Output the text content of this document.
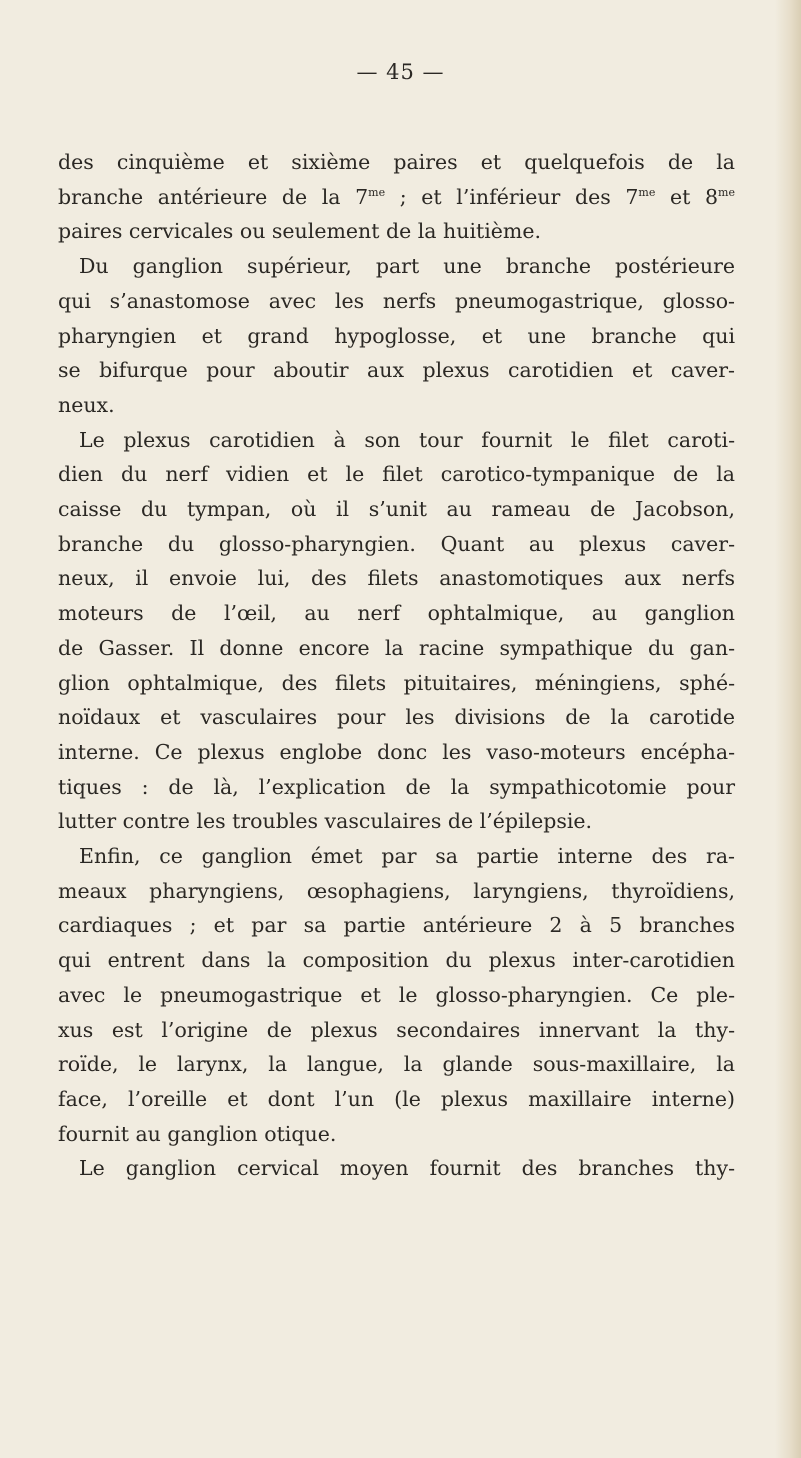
— 45 —
des cinquième et sixième paires et quelquefois de la
branche antérieure de la $7^{me}$ ; et l’inférieur des $7^{me}$ et $8^{me}$
paires cervicales ou seulement de la huitième.
Du ganglion supérieur, part une branche postérieure
qui s’anastomose avec les nerfs pneumogastrique, glosso-
pharyngien et grand hypoglosse, et une branche qui
se bifurque pour aboutir aux plexus carotidien et caver-
neux.
Le plexus carotidien à son tour fournit le filet caroti-
dien du nerf vidien et le filet carotico-tympanique de la
caisse du tympan, où il s’unit au rameau de Jacobson,
branche du glosso-pharyngien. Quant au plexus caver-
neux, il envoie lui, des filets anastomotiques aux nerfs
moteurs de l’œil, au nerf ophtalmique, au ganglion
de Gasser. Il donne encore la racine sympathique du gan-
glion ophtalmique, des filets pituitaires, méningiens, sphé-
noïdaux et vasculaires pour les divisions de la carotide
interne. Ce plexus englobe donc les vaso-moteurs encépha-
tiques : de là, l’explication de la sympathicotomie pour
lutter contre les troubles vasculaires de l’épilepsie.
Enfin, ce ganglion émet par sa partie interne des ra-
meaux pharyngiens, œsophagiens, laryngiens, thyroïdiens,
cardiaques ; et par sa partie antérieure 2 à 5 branches
qui entrent dans la composition du plexus inter-carotidien
avec le pneumogastrique et le glosso-pharyngien. Ce ple-
xus est l’origine de plexus secondaires innervant la thy-
roïde, le larynx, la langue, la glande sous-maxillaire, la
face, l’oreille et dont l’un (le plexus maxillaire interne)
fournit au ganglion otique.
Le ganglion cervical moyen fournit des branches thy-
